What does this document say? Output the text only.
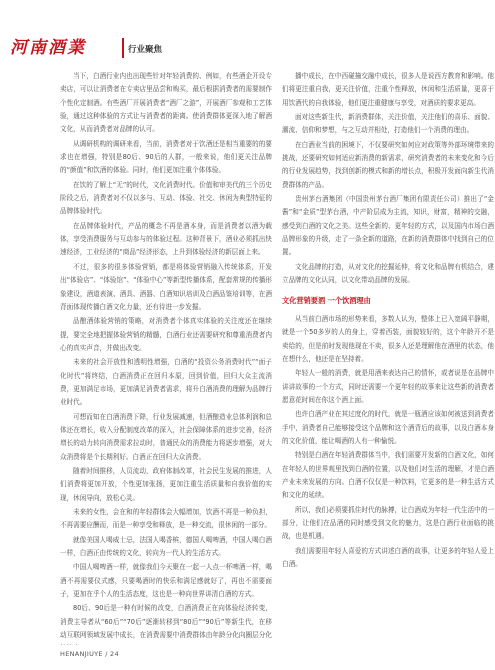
河南酒業	行业聚焦

当下，白酒行业内也出现些针对年轻消费的、例如，有些酒企开设专卖店，可以让消费者在专卖店里品尝和购买，最后根据消费者的需要制作个性化定制酒。有些酒厂开展消费者“酒厂之游”，开展酒厂参观和工艺体验，通过这种体验的方式让与消费者的距离。使消费群体更深入地了解酒文化，从而消费者对品牌的认可。

从调研机构的调研来看，当前，消费者对于饮酒还是相当重要的的要求也在增强，特别是80后、90后的人群，一般来说，他们更关注品牌的“颜值”和饮酒的体验。同时，他们更加注重个体体验。

在饮的了解上“无”的时代，文化消费时代。价值和审美代的三个历史阶段之后，消费者对不仅以多与、互动、体验、社交、休闲为典型特征的品牌体验时代。

在品牌体验时代，产品的概念不再是酒本身，而是消费者以酒为载体，享受消费服务与互动参与的体验过程。这种背景下，酒业必须抓出快速经济，工业经济的“商品”经济形态，上升到体验经济的新层面上来。

不过，很多的很多体验营销，都是将体验营销融入传统体系，开发出“体验店”、“体验馆”、“体验中心”等新型传播体系，配套常规的传播形象建设，酒道表演、酒具、酒器、白酒知识培训及白酒品鉴培训等，在酒背面体现传播白酒文化力量，还有待进一步发掘。

品酿酒体验营销的策略，对消费者个体真实体验的关注度还在继续提，要完全地把握体验营销的精髓，白酒行业还需要研究和尊重消费者内心的真实声音，并做出改变。

未来的社会开放性和透明性增强，白酒的“投资公务消费时代”“面子化时代”将终结，白酒消费正在回归本原，回到价值，回归大众主流消费，更加满足市场，更加满足消费者需求，将升白酒消费的理解为品牌行业时代。

可想而知在白酒消费下降，行业发展减速，但酒酿造业总体利润和总体还在增长，收入分配制度改革的深入，社会保障体系的进步完善，经济增长的动力转向消费需求拉动时，普通民众的消费能力将逐步增强，对大众消费将是个长期利好。白酒正在回归大众消费。

随着时间推移，人员流动，政府体制改革，社会民生发展的推进，人们消费将更加开放，个性更加张扬，更加注重生活质量和自我价值的实现，休闲导向，放松心灵。

未来的女性，会在和的年轻群体会大幅增加，饮酒不再是一种负担，不再需要应酬而，而是一种享受和释放，是一种交流，很休闲的一部分。

就像美国人喝威士忌，法国人喝香槟，德国人喝啤酒，中国人喝白酒一样，白酒正由传统的文化，转向为一代人的生活方式。

中国人喝啤酒一样，就像我们今天聚在一起一人点一杯啤酒一样，喝酒不再需要仪式感，只要喝酒时的快乐和满足感就好了，再也不需要面子，更加在乎个人的生活态度，这也是一种向世界讲清白酒的方式。

80后、90后是一种有时候的改变，白酒消费正在向体验经济转变，消费主导者从“60后”“70后”逐渐转移到“80后”“90后”等新生代，在移动互联网领域发展中成长，在消费需要中消费群体由年龄分化向圈层分化

播中成长，在中西碰撞交融中成长，很多人是说西方教育和影响。他们将更注重自我，更关注价值，注重个性释放，休闲和生活质量，更喜于用饮酒代的自我体验，他们更注重健康与享受，对酒质的要求更高。

面对这些新生代，新消费群体，关注价值，关注他们的喜乐、面貌、潮流、信仰和梦想，与之互动并相处，打造他们一个消费的理由。

在白酒业当前的困境下，不仅要研究如何应对政策等外部环境带来的挑战，还要研究如何适应新消费的新需求，研究消费者的未来变化和今后的行业发展趋势，找到创新的模式和新的增长点，积极开发面向新生代消费群体的产品。

贵州茅台酒集团（中国贵州茅台酒厂集团有限责任公司）推出了“金酱”和“金质”型茅台酒，中产阶层成为主流，知识，财富，精神的交融，感受到白酒的文化之美。这些全新的、更年轻的方式，以及国内市场白酒品牌形象的升级，走了一条全新的道路，在新的消费群体中找到自己的位置。

文化品牌的打造，从对文化的挖掘延伸，将文化和品牌有机结合，建立品牌的文化认同，以文化带动品牌的发展。

文化营销要酒 一个饮酒理由

从当前白酒市场的形势来看，多数人认为，整体上已入宽阔平静期，就是一个50多岁的人的身上，穿着西装，面貌较好的，这个年龄开不是卖给的，但是前时发现他现在不卖，很多人还是理解他在酒里的状态，他在想什么，他还是在坚持着。

年轻人一般的消费，就是用酒来表达自己的情怀，或者说是在品牌中讲讲故事的一个方式，同时还需要一个更年轻的故事来让这些新的消费者愿意花时间在你这个酒上面。

也许白酒产业在其过度化的时代，就是一瓶酒应该如何被送到消费者手中，消费者自己能够接受这个品牌和这个酒背后的故事，以及白酒本身的文化价值，能让喝酒的人有一种愉悦。

特别是白酒在年轻消费群体当中，我们需要开发新的白酒文化，如何在年轻人的世界观里找到白酒的位置，以及他们对生活的理解，才是白酒产业未来发展的方向。白酒不仅仅是一种饮料，它更多的是一种生活方式和文化的延续。

所以，我们必须要抓住时代的脉搏，让白酒成为年轻一代生活中的一部分，让他们在品酒的同时感受到文化的魅力，这是白酒行业面临的挑战，也是机遇。

我们需要用年轻人喜爱的方式讲述白酒的故事，让更多的年轻人爱上白酒。

HENANJIUYE / 24
